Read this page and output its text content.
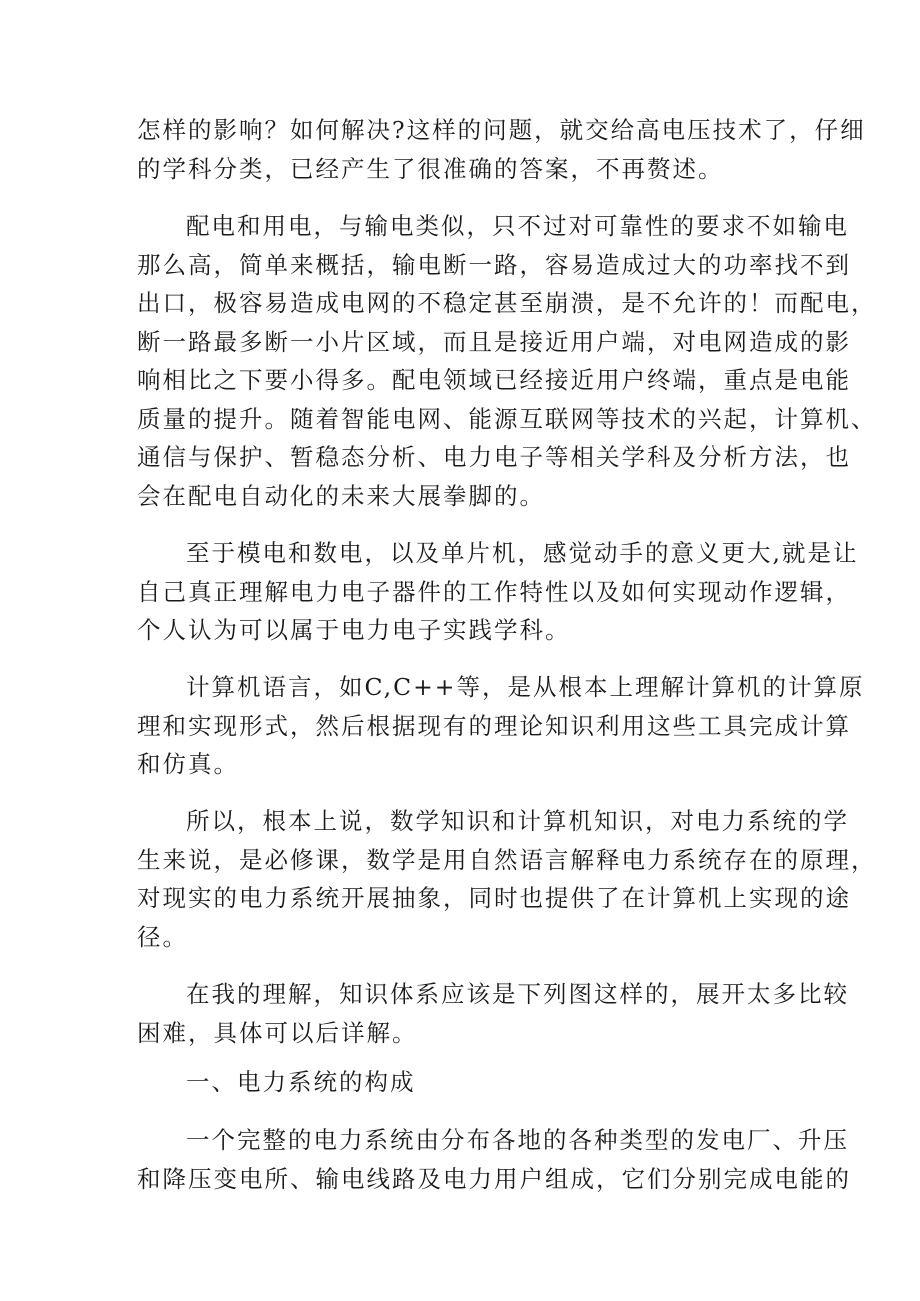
怎样的影响？如何解决?这样的问题，就交给高电压技术了，仔细

的学科分类，已经产生了很准确的答案，不再赘述。

配电和用电，与输电类似，只不过对可靠性的要求不如输电

那么高，简单来概括，输电断一路，容易造成过大的功率找不到

出口，极容易造成电网的不稳定甚至崩溃，是不允许的！而配电，

断一路最多断一小片区域，而且是接近用户端，对电网造成的影

响相比之下要小得多。配电领域已经接近用户终端，重点是电能

质量的提升。随着智能电网、能源互联网等技术的兴起，计算机、

通信与保护、暂稳态分析、电力电子等相关学科及分析方法，也

会在配电自动化的未来大展拳脚的。

至于模电和数电，以及单片机，感觉动手的意义更大,就是让

自己真正理解电力电子器件的工作特性以及如何实现动作逻辑，

个人认为可以属于电力电子实践学科。

计算机语言，如C,C++等，是从根本上理解计算机的计算原

理和实现形式，然后根据现有的理论知识利用这些工具完成计算

和仿真。

所以，根本上说，数学知识和计算机知识，对电力系统的学

生来说，是必修课，数学是用自然语言解释电力系统存在的原理，

对现实的电力系统开展抽象，同时也提供了在计算机上实现的途

径。

在我的理解，知识体系应该是下列图这样的，展开太多比较

困难，具体可以后详解。

一、电力系统的构成

一个完整的电力系统由分布各地的各种类型的发电厂、升压

和降压变电所、输电线路及电力用户组成，它们分别完成电能的
